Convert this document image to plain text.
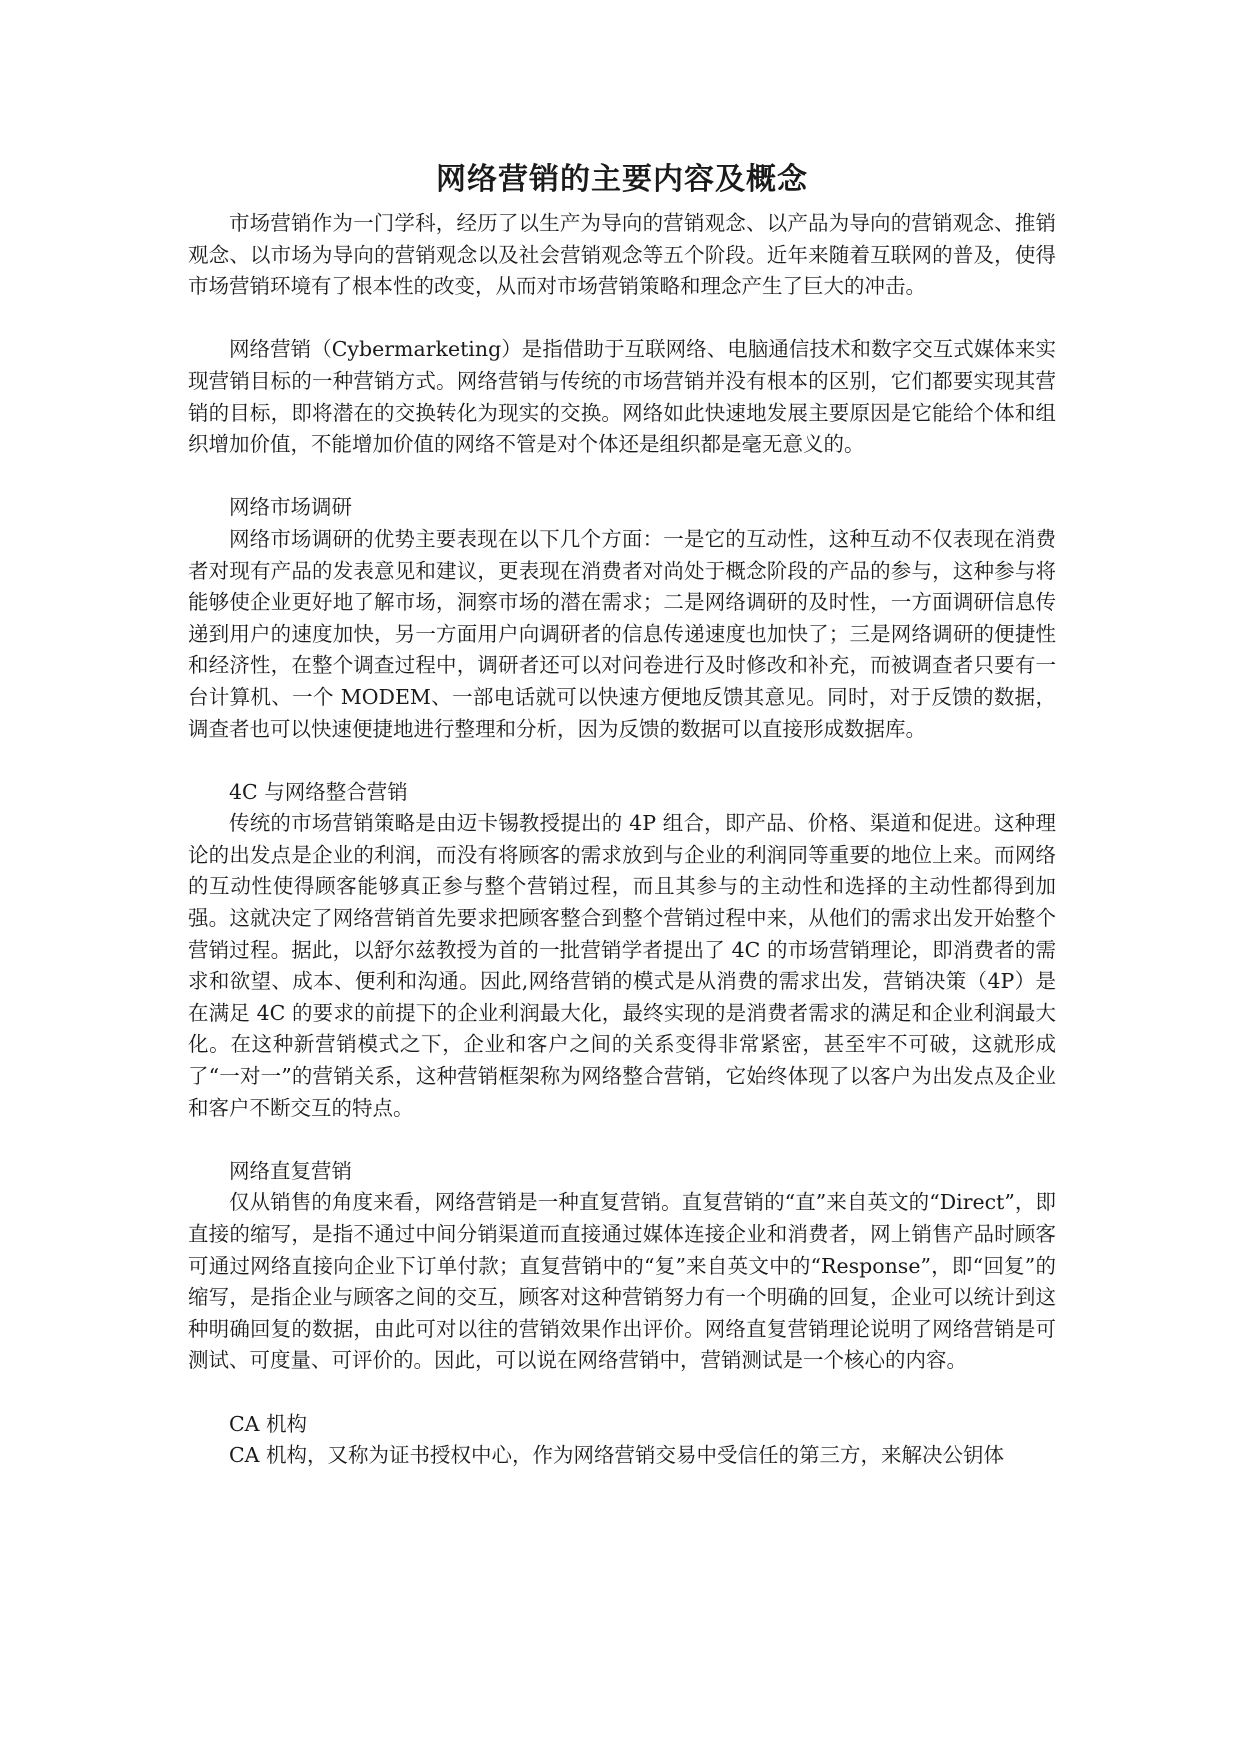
网络营销的主要内容及概念

市场营销作为一门学科，经历了以生产为导向的营销观念、以产品为导向的营销观念、推销观念、以市场为导向的营销观念以及社会营销观念等五个阶段。近年来随着互联网的普及，使得市场营销环境有了根本性的改变，从而对市场营销策略和理念产生了巨大的冲击。

网络营销（Cybermarketing）是指借助于互联网络、电脑通信技术和数字交互式媒体来实现营销目标的一种营销方式。网络营销与传统的市场营销并没有根本的区别，它们都要实现其营销的目标，即将潜在的交换转化为现实的交换。网络如此快速地发展主要原因是它能给个体和组织增加价值，不能增加价值的网络不管是对个体还是组织都是毫无意义的。

网络市场调研

网络市场调研的优势主要表现在以下几个方面：一是它的互动性，这种互动不仅表现在消费者对现有产品的发表意见和建议，更表现在消费者对尚处于概念阶段的产品的参与，这种参与将能够使企业更好地了解市场，洞察市场的潜在需求；二是网络调研的及时性，一方面调研信息传递到用户的速度加快，另一方面用户向调研者的信息传递速度也加快了；三是网络调研的便捷性和经济性，在整个调查过程中，调研者还可以对问卷进行及时修改和补充，而被调查者只要有一台计算机、一个 MODEM、一部电话就可以快速方便地反馈其意见。同时，对于反馈的数据，调查者也可以快速便捷地进行整理和分析，因为反馈的数据可以直接形成数据库。

4C 与网络整合营销

传统的市场营销策略是由迈卡锡教授提出的 4P 组合，即产品、价格、渠道和促进。这种理论的出发点是企业的利润，而没有将顾客的需求放到与企业的利润同等重要的地位上来。而网络的互动性使得顾客能够真正参与整个营销过程，而且其参与的主动性和选择的主动性都得到加强。这就决定了网络营销首先要求把顾客整合到整个营销过程中来，从他们的需求出发开始整个营销过程。据此，以舒尔兹教授为首的一批营销学者提出了 4C 的市场营销理论，即消费者的需求和欲望、成本、便利和沟通。因此,网络营销的模式是从消费的需求出发，营销决策（4P）是在满足 4C 的要求的前提下的企业利润最大化，最终实现的是消费者需求的满足和企业利润最大化。在这种新营销模式之下，企业和客户之间的关系变得非常紧密，甚至牢不可破，这就形成了“一对一”的营销关系，这种营销框架称为网络整合营销，它始终体现了以客户为出发点及企业和客户不断交互的特点。

网络直复营销

仅从销售的角度来看，网络营销是一种直复营销。直复营销的“直”来自英文的“Direct”，即直接的缩写，是指不通过中间分销渠道而直接通过媒体连接企业和消费者，网上销售产品时顾客可通过网络直接向企业下订单付款；直复营销中的“复”来自英文中的“Response”，即“回复”的缩写，是指企业与顾客之间的交互，顾客对这种营销努力有一个明确的回复，企业可以统计到这种明确回复的数据，由此可对以往的营销效果作出评价。网络直复营销理论说明了网络营销是可测试、可度量、可评价的。因此，可以说在网络营销中，营销测试是一个核心的内容。

CA 机构

CA 机构，又称为证书授权中心，作为网络营销交易中受信任的第三方，来解决公钥体
